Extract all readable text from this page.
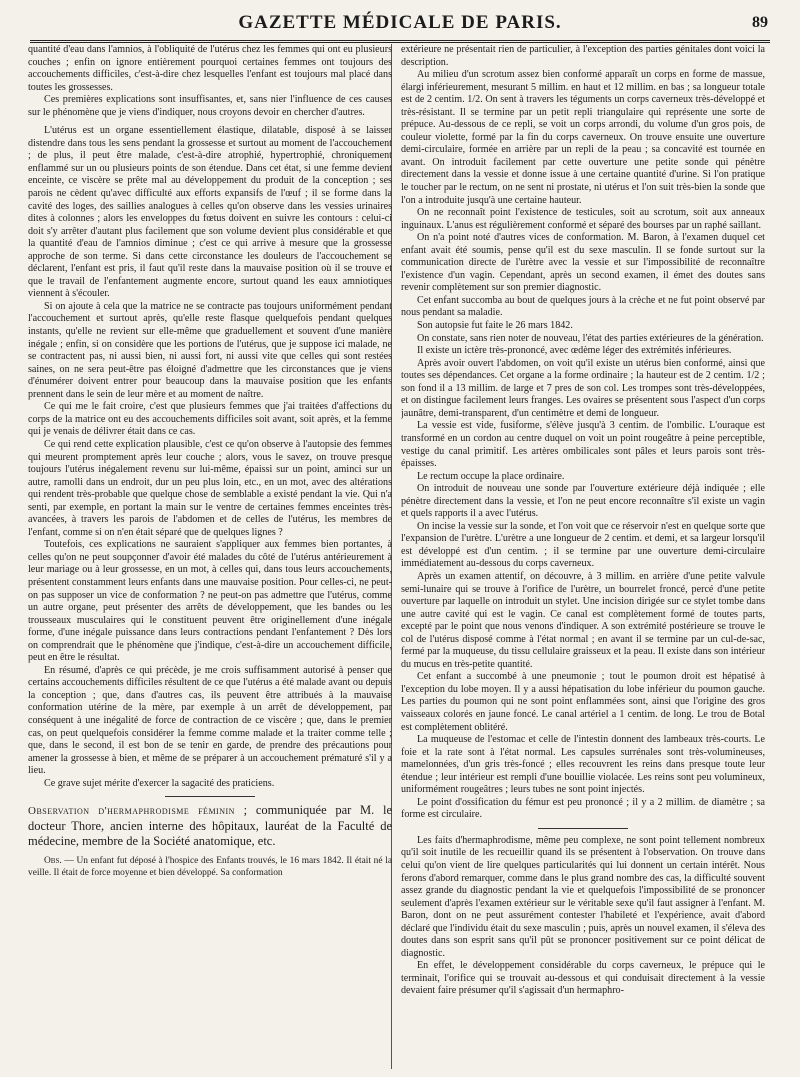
GAZETTE MÉDICALE DE PARIS.	89

quantité d'eau dans l'amnios, à l'obliquité de l'utérus chez les femmes qui ont eu plusieurs couches ; enfin on ignore entièrement pourquoi certaines femmes ont toujours des accouchements difficiles, c'est-à-dire chez lesquelles l'enfant est toujours mal placé dans toutes les grossesses.

Ces premières explications sont insuffisantes, et, sans nier l'influence de ces causes sur le phénomène que je viens d'indiquer, nous croyons devoir en chercher d'autres.

L'utérus est un organe essentiellement élastique, dilatable, disposé à se laisser distendre dans tous les sens pendant la grossesse et surtout au moment de l'accouchement ; de plus, il peut être malade, c'est-à-dire atrophié, hypertrophié, chroniquement enflammé sur un ou plusieurs points de son étendue. Dans cet état, si une femme devient enceinte, ce viscère se prête mal au développement du produit de la conception ; ses parois ne cèdent qu'avec difficulté aux efforts expansifs de l'œuf ; il se forme dans la cavité des loges, des saillies analogues à celles qu'on observe dans les vessies urinaires dites à colonnes ; alors les enveloppes du fœtus doivent en suivre les contours : celui-ci doit s'y arrêter d'autant plus facilement que son volume devient plus considérable et que la quantité d'eau de l'amnios diminue ; c'est ce qui arrive à mesure que la grossesse approche de son terme. Si dans cette circonstance les douleurs de l'accouchement se déclarent, l'enfant est pris, il faut qu'il reste dans la mauvaise position où il se trouve et que le travail de l'enfantement augmente encore, surtout quand les eaux amniotiques viennent à s'écouler.

Si on ajoute à cela que la matrice ne se contracte pas toujours uniformément pendant l'accouchement et surtout après, qu'elle reste flasque quelquefois pendant quelques instants, qu'elle ne revient sur elle-même que graduellement et souvent d'une manière inégale ; enfin, si on considère que les portions de l'utérus, que je suppose ici malade, ne se contractent pas, ni aussi bien, ni aussi fort, ni aussi vite que celles qui sont restées saines, on ne sera peut-être pas éloigné d'admettre que les circonstances que je viens d'énumérer doivent entrer pour beaucoup dans la mauvaise position que les enfants prennent dans le sein de leur mère et au moment de naître.

Ce qui me le fait croire, c'est que plusieurs femmes que j'ai traitées d'affections du corps de la matrice ont eu des accouchements difficiles soit avant, soit après, et la femme qui je venais de délivrer était dans ce cas.

Ce qui rend cette explication plausible, c'est ce qu'on observe à l'autopsie des femmes qui meurent promptement après leur couche ; alors, vous le savez, on trouve presque toujours l'utérus inégalement revenu sur lui-même, épaissi sur un point, aminci sur un autre, ramolli dans un endroit, dur un peu plus loin, etc., en un mot, avec des altérations qui rendent très-probable que quelque chose de semblable a existé pendant la vie. Qui n'a senti, par exemple, en portant la main sur le ventre de certaines femmes enceintes très-avancées, à travers les parois de l'abdomen et de celles de l'utérus, les membres de l'enfant, comme si on n'en était séparé que de quelques lignes ?

Toutefois, ces explications ne sauraient s'appliquer aux femmes bien portantes, à celles qu'on ne peut soupçonner d'avoir été malades du côté de l'utérus antérieurement à leur mariage ou à leur grossesse, en un mot, à celles qui, dans tous leurs accouchements, présentent constamment leurs enfants dans une mauvaise position. Pour celles-ci, ne peut-on pas supposer un vice de conformation ? ne peut-on pas admettre que l'utérus, comme un autre organe, peut présenter des arrêts de développement, que les bandes ou les trousseaux musculaires qui le constituent peuvent être originellement d'une inégale forme, d'une inégale puissance dans leurs contractions pendant l'enfantement ? Dès lors on comprendrait que le phénomène que j'indique, c'est-à-dire un accouchement difficile, peut en être le résultat.

En résumé, d'après ce qui précède, je me crois suffisamment autorisé à penser que certains accouchements difficiles résultent de ce que l'utérus a été malade avant ou depuis la conception ; que, dans d'autres cas, ils peuvent être attribués à la mauvaise conformation utérine de la mère, par exemple à un arrêt de développement, par conséquent à une inégalité de force de contraction de ce viscère ; que, dans le premier cas, on peut quelquefois considérer la femme comme malade et la traiter comme telle ; que, dans le second, il est bon de se tenir en garde, de prendre des précautions pour amener la grossesse à bien, et même de se préparer à un accouchement prématuré s'il y a lieu.

Ce grave sujet mérite d'exercer la sagacité des praticiens.

Observation d'hermaphrodisme féminin ; communiquée par M. le docteur Thore, ancien interne des hôpitaux, lauréat de la Faculté de médecine, membre de la Société anatomique, etc.

Obs. — Un enfant fut déposé à l'hospice des Enfants trouvés, le 16 mars 1842. Il était né la veille. Il était de force moyenne et bien développé. Sa conformation

extérieure ne présentait rien de particulier, à l'exception des parties génitales dont voici la description.

Au milieu d'un scrotum assez bien conformé apparaît un corps en forme de massue, élargi inférieurement, mesurant 5 millim. en haut et 12 millim. en bas ; sa longueur totale est de 2 centim. 1/2. On sent à travers les téguments un corps caverneux très-développé et très-résistant. Il se termine par un petit repli triangulaire qui représente une sorte de prépuce. Au-dessous de ce repli, se voit un corps arrondi, du volume d'un gros pois, de couleur violette, formé par la fin du corps caverneux. On trouve ensuite une ouverture demi-circulaire, formée en arrière par un repli de la peau ; sa concavité est tournée en avant. On introduit facilement par cette ouverture une petite sonde qui pénètre directement dans la vessie et donne issue à une certaine quantité d'urine. Si l'on pratique le toucher par le rectum, on ne sent ni prostate, ni utérus et l'on suit très-bien la sonde que l'on a introduite jusqu'à une certaine hauteur.

On ne reconnaît point l'existence de testicules, soit au scrotum, soit aux anneaux inguinaux. L'anus est régulièrement conformé et séparé des bourses par un raphé saillant.

On n'a point noté d'autres vices de conformation. M. Baron, à l'examen duquel cet enfant avait été soumis, pense qu'il est du sexe masculin. Il se fonde surtout sur la communication directe de l'urètre avec la vessie et sur l'impossibilité de reconnaître l'existence d'un vagin. Cependant, après un second examen, il émet des doutes sans revenir complètement sur son premier diagnostic.

Cet enfant succomba au bout de quelques jours à la crèche et ne fut point observé par nous pendant sa maladie.

Son autopsie fut faite le 26 mars 1842.

On constate, sans rien noter de nouveau, l'état des parties extérieures de la génération.

Il existe un ictère très-prononcé, avec œdème léger des extrémités inférieures.

Après avoir ouvert l'abdomen, on voit qu'il existe un utérus bien conformé, ainsi que toutes ses dépendances. Cet organe a la forme ordinaire ; la hauteur est de 2 centim. 1/2 ; son fond il a 13 millim. de large et 7 pres de son col. Les trompes sont très-développées, et on distingue facilement leurs franges. Les ovaires se présentent sous l'aspect d'un corps jaunâtre, demi-transparent, d'un centimètre et demi de longueur.

La vessie est vide, fusiforme, s'élève jusqu'à 3 centim. de l'ombilic. L'ouraque est transformé en un cordon au centre duquel on voit un point rougeâtre à peine perceptible, vestige du canal primitif. Les artères ombilicales sont pâles et leurs parois sont très-épaisses.

Le rectum occupe la place ordinaire.

On introduit de nouveau une sonde par l'ouverture extérieure déjà indiquée ; elle pénètre directement dans la vessie, et l'on ne peut encore reconnaître s'il existe un vagin et quels rapports il a avec l'utérus.

On incise la vessie sur la sonde, et l'on voit que ce réservoir n'est en quelque sorte que l'expansion de l'urètre. L'urètre a une longueur de 2 centim. et demi, et sa largeur lorsqu'il est développé est d'un centim. ; il se termine par une ouverture demi-circulaire immédiatement au-dessous du corps caverneux.

Après un examen attentif, on découvre, à 3 millim. en arrière d'une petite valvule semi-lunaire qui se trouve à l'orifice de l'urètre, un bourrelet froncé, percé d'une petite ouverture par laquelle on introduit un stylet. Une incision dirigée sur ce stylet tombe dans une autre cavité qui est le vagin. Ce canal est complètement formé de toutes parts, excepté par le point que nous venons d'indiquer. A son extrémité postérieure se trouve le col de l'utérus disposé comme à l'état normal ; en avant il se termine par un cul-de-sac, fermé par la muqueuse, du tissu cellulaire graisseux et la peau. Il existe dans son intérieur du mucus en très-petite quantité.

Cet enfant a succombé à une pneumonie ; tout le poumon droit est hépatisé à l'exception du lobe moyen. Il y a aussi hépatisation du lobe inférieur du poumon gauche. Les parties du poumon qui ne sont point enflammées sont, ainsi que l'origine des gros vaisseaux colorés en jaune foncé. Le canal artériel a 1 centim. de long. Le trou de Botal est complètement oblitéré.

La muqueuse de l'estomac et celle de l'intestin donnent des lambeaux très-courts. Le foie et la rate sont à l'état normal. Les capsules surrénales sont très-volumineuses, mamelonnées, d'un gris très-foncé ; elles recouvrent les reins dans presque toute leur étendue ; leur intérieur est rempli d'une bouillie violacée. Les reins sont peu volumineux, uniformément rougeâtres ; leurs tubes ne sont point injectés.

Le point d'ossification du fémur est peu prononcé ; il y a 2 millim. de diamètre ; sa forme est circulaire.

Les faits d'hermaphrodisme, même peu complexe, ne sont point tellement nombreux qu'il soit inutile de les recueillir quand ils se présentent à l'observation. On trouve dans celui qu'on vient de lire quelques particularités qui lui donnent un certain intérêt. Nous ferons d'abord remarquer, comme dans le plus grand nombre des cas, la difficulté souvent assez grande du diagnostic pendant la vie et quelquefois l'impossibilité de se prononcer seulement d'après l'examen extérieur sur le véritable sexe qu'il faut assigner à l'enfant. M. Baron, dont on ne peut assurément contester l'habileté et l'expérience, avait d'abord déclaré que l'individu était du sexe masculin ; puis, après un nouvel examen, il s'éleva des doutes dans son esprit sans qu'il pût se prononcer positivement sur ce point délicat de diagnostic.

En effet, le développement considérable du corps caverneux, le prépuce qui le terminait, l'orifice qui se trouvait au-dessous et qui conduisait directement à la vessie devaient faire présumer qu'il s'agissait d'un hermaphro-
